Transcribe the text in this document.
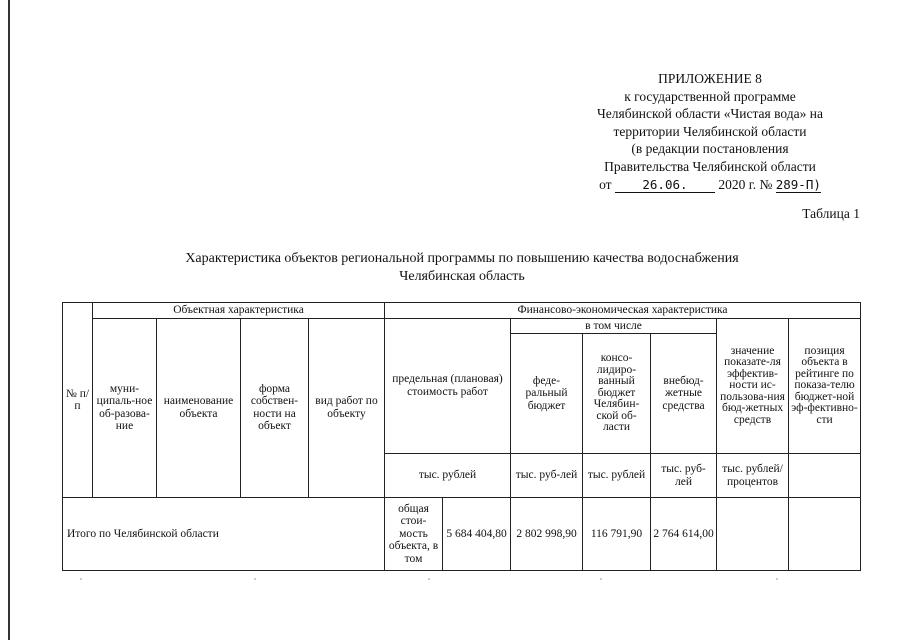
ПРИЛОЖЕНИЕ 8
к государственной программе
Челябинской области «Чистая вода» на
территории Челябинской области
(в редакции постановления
Правительства Челябинской области
от 26.06. 2020 г. № 289-П)
Таблица 1
Характеристика объектов региональной программы по повышению качества водоснабжения
Челябинская область
№ п/п	Объектная характеристика				Финансово-экономическая характеристика						
	муни-ципаль-ное об-разова-ние	наименование объекта	форма собствен-ности на объект	вид работ по объекту	предельная (плановая) стоимость работ		в том числе			значение показате-ля эффектив-ности ис-пользова-ния бюд-жетных средств	позиция объекта в рейтинге по показа-телю бюджет-ной эф-фективно-сти
							феде-ральный бюджет	консо-лидиро-ванный бюджет Челябин-ской об-ласти	внебюд-жетные средства		
					тыс. рублей		тыс. руб-лей	тыс. рублей	тыс. руб-лей	тыс. рублей/ процентов	
Итого по Челябинской области					общая стои-мость объекта, в том	5 684 404,80	2 802 998,90	116 791,90	2 764 614,00		
